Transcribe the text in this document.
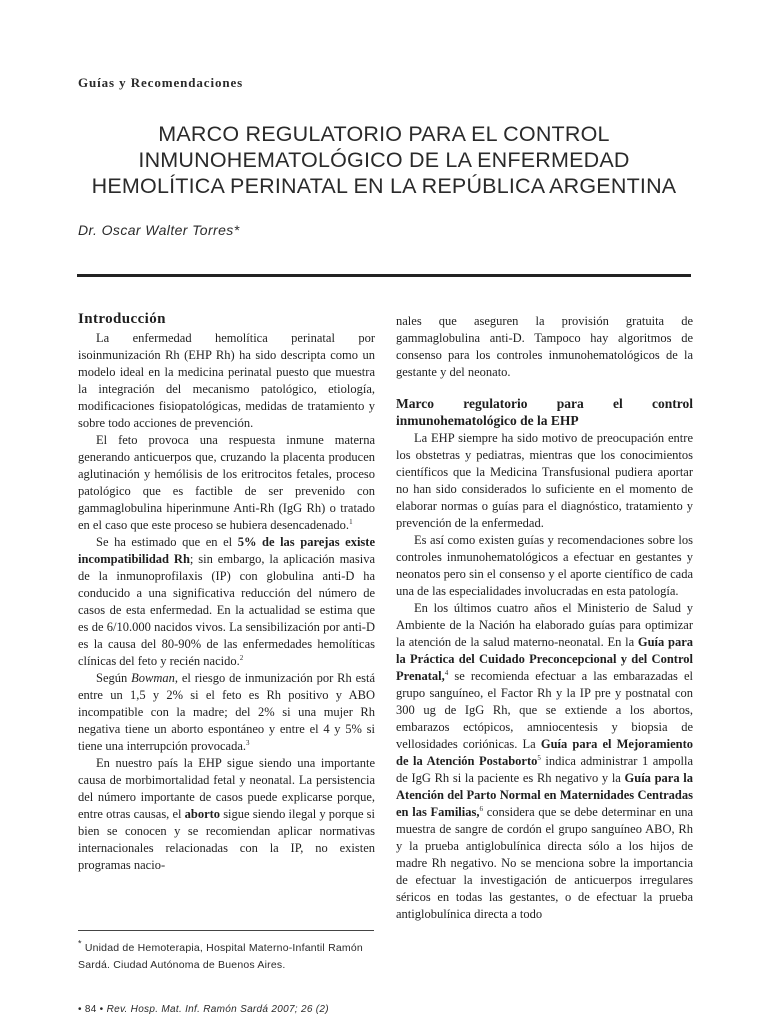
Guías y Recomendaciones
MARCO REGULATORIO PARA EL CONTROL
INMUNOHEMATOLÓGICO DE LA ENFERMEDAD
HEMOLÍTICA PERINATAL EN LA REPÚBLICA ARGENTINA
Dr. Oscar Walter Torres*
Introducción

La enfermedad hemolítica perinatal por isoinmunización Rh (EHP Rh) ha sido descripta como un modelo ideal en la medicina perinatal puesto que muestra la integración del mecanismo patológico, etiología, modificaciones fisiopatológicas, medidas de tratamiento y sobre todo acciones de prevención.

El feto provoca una respuesta inmune materna generando anticuerpos que, cruzando la placenta producen aglutinación y hemólisis de los eritrocitos fetales, proceso patológico que es factible de ser prevenido con gammaglobulina hiperinmune Anti-Rh (IgG Rh) o tratado en el caso que este proceso se hubiera desencadenado.$^1$

Se ha estimado que en el 5% de las parejas existe incompatibilidad Rh; sin embargo, la aplicación masiva de la inmunoprofilaxis (IP) con globulina anti-D ha conducido a una significativa reducción del número de casos de esta enfermedad. En la actualidad se estima que es de 6/10.000 nacidos vivos. La sensibilización por anti-D es la causa del 80-90% de las enfermedades hemolíticas clínicas del feto y recién nacido.$^2$

Según Bowman, el riesgo de inmunización por Rh está entre un 1,5 y 2% si el feto es Rh positivo y ABO incompatible con la madre; del 2% si una mujer Rh negativa tiene un aborto espontáneo y entre el 4 y 5% si tiene una interrupción provocada.$^3$

En nuestro país la EHP sigue siendo una importante causa de morbimortalidad fetal y neonatal. La persistencia del número importante de casos puede explicarse porque, entre otras causas, el aborto sigue siendo ilegal y porque si bien se conocen y se recomiendan aplicar normativas internacionales relacionadas con la IP, no existen programas nacio-

nales que aseguren la provisión gratuita de gammaglobulina anti-D. Tampoco hay algoritmos de consenso para los controles inmunohematológicos de la gestante y del neonato.

Marco regulatorio para el control inmunohematológico de la EHP

La EHP siempre ha sido motivo de preocupación entre los obstetras y pediatras, mientras que los conocimientos científicos que la Medicina Transfusional pudiera aportar no han sido considerados lo suficiente en el momento de elaborar normas o guías para el diagnóstico, tratamiento y prevención de la enfermedad.

Es así como existen guías y recomendaciones sobre los controles inmunohematológicos a efectuar en gestantes y neonatos pero sin el consenso y el aporte científico de cada una de las especialidades involucradas en esta patología.

En los últimos cuatro años el Ministerio de Salud y Ambiente de la Nación ha elaborado guías para optimizar la atención de la salud materno-neonatal. En la Guía para la Práctica del Cuidado Preconcepcional y del Control Prenatal,$^4$ se recomienda efectuar a las embarazadas el grupo sanguíneo, el Factor Rh y la IP pre y postnatal con 300 ug de IgG Rh, que se extiende a los abortos, embarazos ectópicos, amniocentesis y biopsia de vellosidades coriónicas. La Guía para el Mejoramiento de la Atención Postaborto$^5$ indica administrar 1 ampolla de IgG Rh si la paciente es Rh negativo y la Guía para la Atención del Parto Normal en Maternidades Centradas en las Familias,$^6$ considera que se debe determinar en una muestra de sangre de cordón el grupo sanguíneo ABO, Rh y la prueba antiglobulínica directa sólo a los hijos de madre Rh negativo. No se menciona sobre la importancia de efectuar la investigación de anticuerpos irregulares séricos en todas las gestantes, o de efectuar la prueba antiglobulínica directa a todo

* Unidad de Hemoterapia, Hospital Materno-Infantil Ramón Sardá. Ciudad Autónoma de Buenos Aires.
• 84 • Rev. Hosp. Mat. Inf. Ramón Sardá 2007; 26 (2)
